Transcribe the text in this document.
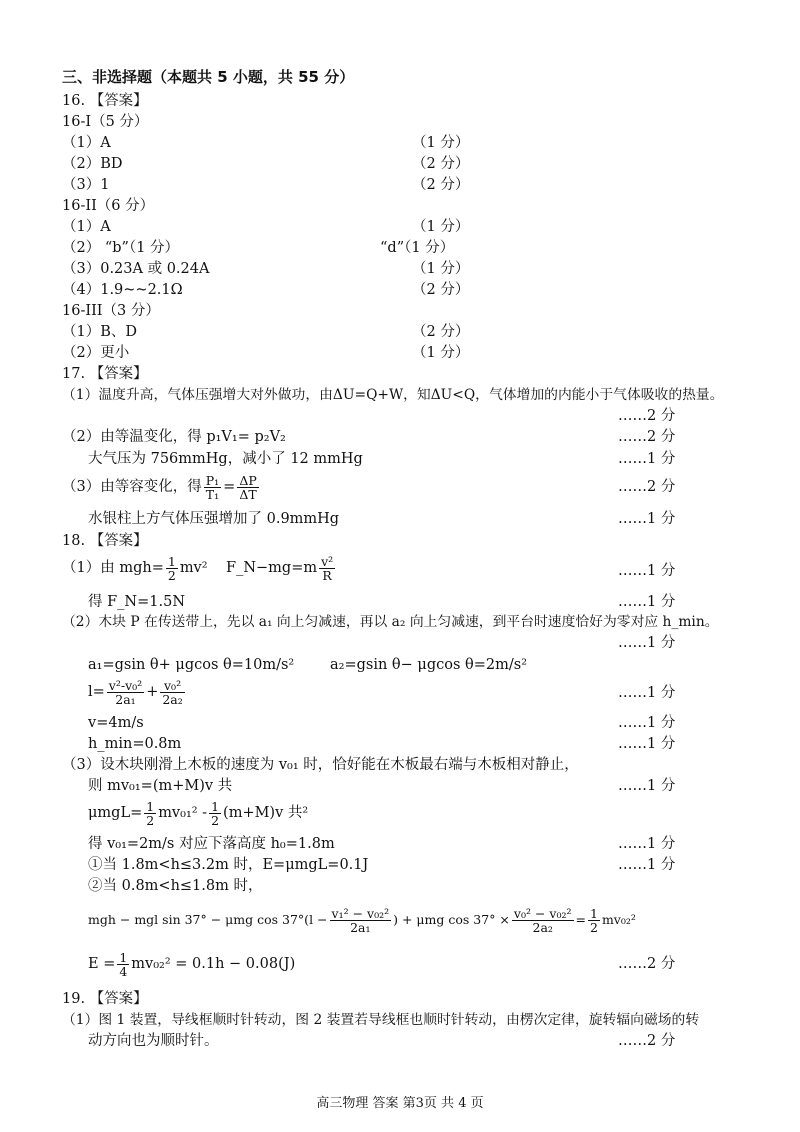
三、非选择题（本题共 5 小题，共 55 分）
16. 【答案】
16-I（5 分）
（1）A	（1 分）
（2）BD	（2 分）
（3）1	（2 分）
16-II（6 分）
（1）A	（1 分）
（2） “b”（1 分）	“d”（1 分）
（3）0.23A 或 0.24A	（1 分）
（4）1.9~~2.1Ω	（2 分）
16-III（3 分）
（1）B、D	（2 分）
（2）更小	（1 分）
17. 【答案】
（1）温度升高，气体压强增大对外做功，由ΔU=Q+W，知ΔU<Q，气体增加的内能小于气体吸收的热量。
……2 分
（2）由等温变化，得 p₁V₁= p₂V₂	……2 分
大气压为 756mmHg，减小了 12 mmHg	……1 分
（3）由等容变化，得 $\frac{\text{P₁}}{\text{T₁}} = \frac{\Delta P}{\Delta T}$	……2 分
水银柱上方气体压强增加了 0.9mmHg	……1 分
18. 【答案】
（1）由 $mgh= \frac{1}{2} mv^2$ F_N−mg=m $\frac{\text{v²}}{R}$	……1 分
得 F_N=1.5N	……1 分
（2）木块 P 在传送带上，先以 a₁ 向上匀减速，再以 a₂ 向上匀减速，到平台时速度恰好为零对应 h_min。
……1 分
a₁=gsin θ+ μgcos θ=10m/s² a₂=gsin θ− μgcos θ=2m/s²
$l= \frac{\text{v²-v₀²}}{\text{2a₁}} + \frac{\text{v₀²}}{\text{2a₂}}$	……1 分
v=4m/s	……1 分
h_min=0.8m	……1 分
（3）设木块刚滑上木板的速度为 v₀₁ 时，恰好能在木板最右端与木板相对静止，
则 mv₀₁=(m+M)v 共	……1 分
$\mu mgL= \frac{1}{2} mv_{01}^2 - \frac{1}{2} (m+M)v$ 共²
得 v₀₁=2m/s 对应下落高度 h₀=1.8m	……1 分
①当 1.8m<h≤3.2m 时，E=μmgL=0.1J	……1 分
②当 0.8m<h≤1.8m 时，
mgh − mgl sin 37° − μmg $\cos 37^\circ(l - \frac{\text{v₁² − v₀₂²}}{\text{2a₁}}$ ) + μmg $\cos 37^\circ \times \frac{\text{v₀² − v₀₂²}}{\text{2a₂}} = \frac{1}{2} mv_{02}^2$
$E = \frac{1}{4} mv_{02}^2 = 0.1h - 0.08(J)$	……2 分
19. 【答案】
（1）图 1 装置，导线框顺时针转动，图 2 装置若导线框也顺时针转动，由楞次定律，旋转辐向磁场的转
动方向也为顺时针。	……2 分
高三物理 答案 第3页 共 4 页
